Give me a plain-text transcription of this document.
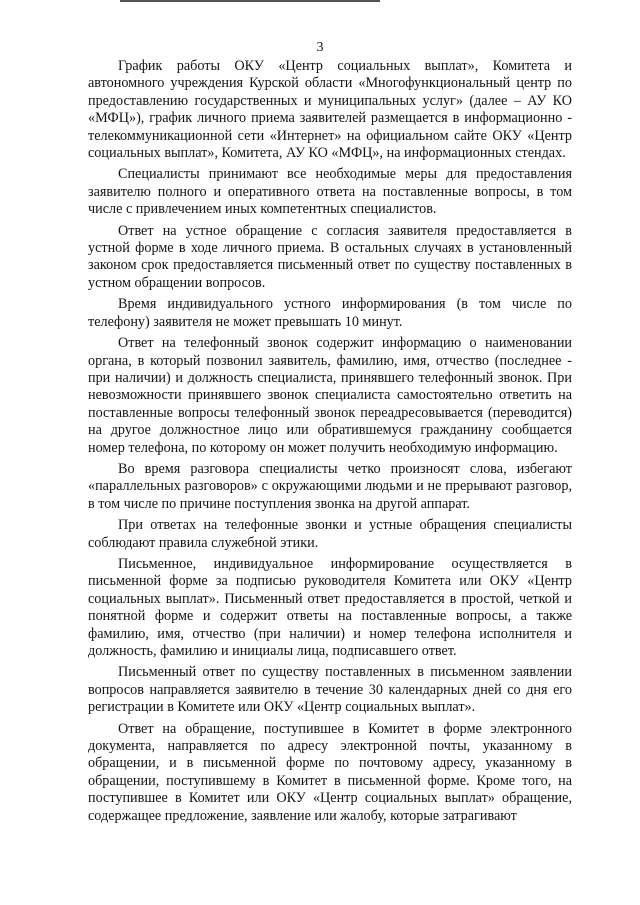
3

График работы ОКУ «Центр социальных выплат», Комитета и автономного учреждения Курской области «Многофункциональный центр по предоставлению государственных и муниципальных услуг» (далее – АУ КО «МФЦ»), график личного приема заявителей размещается в информационно - телекоммуникационной сети «Интернет» на официальном сайте ОКУ «Центр социальных выплат», Комитета, АУ КО «МФЦ», на информационных стендах.

Специалисты принимают все необходимые меры для предоставления заявителю полного и оперативного ответа на поставленные вопросы, в том числе с привлечением иных компетентных специалистов.

Ответ на устное обращение с согласия заявителя предоставляется в устной форме в ходе личного приема. В остальных случаях в установленный законом срок предоставляется письменный ответ по существу поставленных в устном обращении вопросов.

Время индивидуального устного информирования (в том числе по телефону) заявителя не может превышать 10 минут.

Ответ на телефонный звонок содержит информацию о наименовании органа, в который позвонил заявитель, фамилию, имя, отчество (последнее - при наличии) и должность специалиста, принявшего телефонный звонок. При невозможности принявшего звонок специалиста самостоятельно ответить на поставленные вопросы телефонный звонок переадресовывается (переводится) на другое должностное лицо или обратившемуся гражданину сообщается номер телефона, по которому он может получить необходимую информацию.

Во время разговора специалисты четко произносят слова, избегают «параллельных разговоров» с окружающими людьми и не прерывают разговор, в том числе по причине поступления звонка на другой аппарат.

При ответах на телефонные звонки и устные обращения специалисты соблюдают правила служебной этики.

Письменное, индивидуальное информирование осуществляется в письменной форме за подписью руководителя Комитета или ОКУ «Центр социальных выплат». Письменный ответ предоставляется в простой, четкой и понятной форме и содержит ответы на поставленные вопросы, а также фамилию, имя, отчество (при наличии) и номер телефона исполнителя и должность, фамилию и инициалы лица, подписавшего ответ.

Письменный ответ по существу поставленных в письменном заявлении вопросов направляется заявителю в течение 30 календарных дней со дня его регистрации в Комитете или ОКУ «Центр социальных выплат».

Ответ на обращение, поступившее в Комитет в форме электронного документа, направляется по адресу электронной почты, указанному в обращении, и в письменной форме по почтовому адресу, указанному в обращении, поступившему в Комитет в письменной форме. Кроме того, на поступившее в Комитет или ОКУ «Центр социальных выплат» обращение, содержащее предложение, заявление или жалобу, которые затрагивают
